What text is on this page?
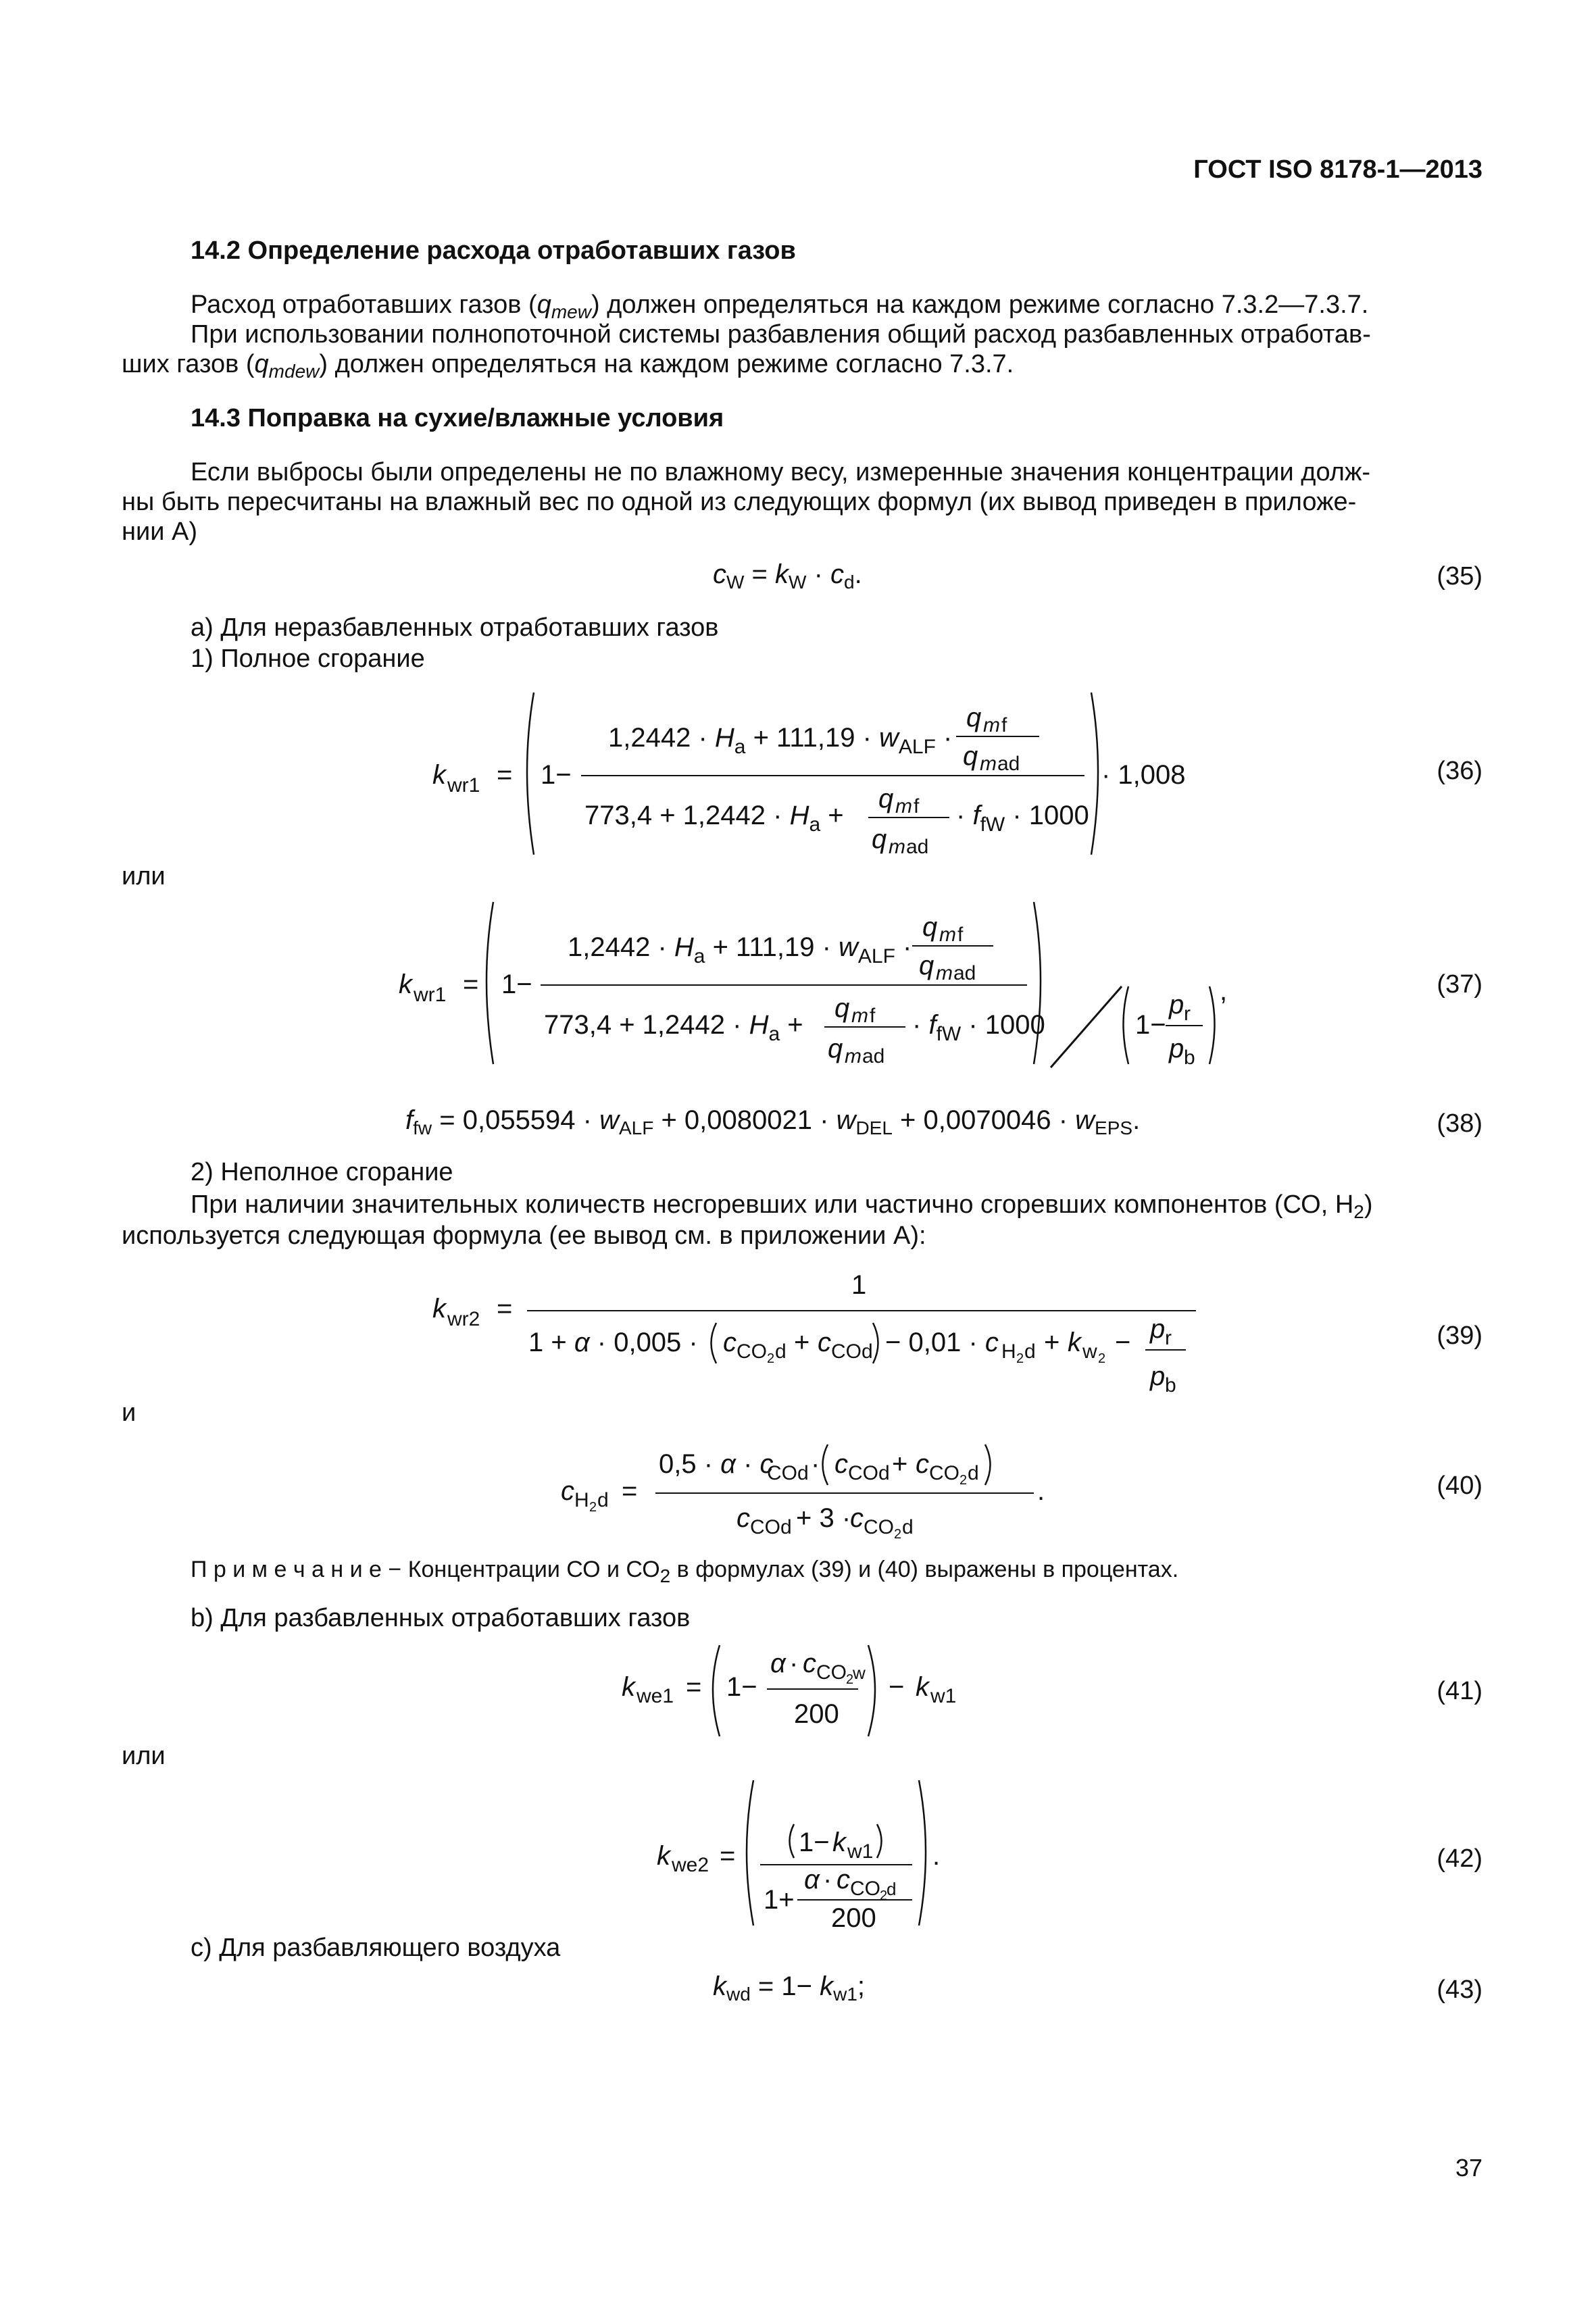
ГОСТ ISO 8178-1—2013
14.2 Определение расхода отработавших газов
Расход отработавших газов $(q_{mew})$ должен определяться на каждом режиме согласно 7.3.2—7.3.7.
При использовании полнопоточной системы разбавления общий расход разбавленных отработав-
ших газов $(q_{mdew})$ должен определяться на каждом режиме согласно 7.3.7.
14.3 Поправка на сухие/влажные условия
Если выбросы были определены не по влажному весу, измеренные значения концентрации долж-
ны быть пересчитаны на влажный вес по одной из следующих формул (их вывод приведен в приложе-
нии А)
$c_W = k_W \cdot c_d$.	(35)
а) Для неразбавленных отработавших газов
1) Полное сгорание
k wr1 = 1−
$1,2442 \cdot H_a + 111,19 \cdot w_{ALF}$ ·
q m f
q m ad
$773,4 + 1,2442 \cdot H_a$ +
q m f
q m ad
· $f_{fW} \cdot 1000$
· 1,008	(36)
или
k wr1 = 1−
$1,2442 \cdot H_a + 111,19 \cdot w_{ALF}$ ·
q m f
q m ad
$773,4 + 1,2442 \cdot H_a$ +
q m f
q m ad
· $f_{fW} \cdot 1000$	1−
p r
p b
,	(37)
$f_{fw} = 0,055594 \cdot w_{ALF} + 0,0080021 \cdot w_{DEL} + 0,0070046 \cdot w_{EPS}$.	(38)
2) Неполное сгорание
При наличии значительных количеств несгоревших или частично сгоревших компонентов (СО, $Н_2$)
используется следующая формула (ее вывод см. в приложении А):
k wr2 =
1
1 + α · 0,005 · c CO 2 d + c COd − 0,01 · c H 2 d + k w 2
− p r
p b
(39)
и
c H 2 d =
0,5 · α · c
COd · c COd + c CO 2 d
.
c COd + 3 ·
c CO 2 d
(40)
П р и м е ч а н и е − Концентрации СО и $СО_2$ в формулах (39) и (40) выражены в процентах.
b) Для разбавленных отработавших газов
k we1 = 1−
α · c CO 2
w
200
− k w1	(41)
или
k we2 = 1− k w1
1+
α · c CO 2
d
200
.	(42)
с) Для разбавляющего воздуха
$k_{wd} = 1- k_{w1}$;	(43)
37
